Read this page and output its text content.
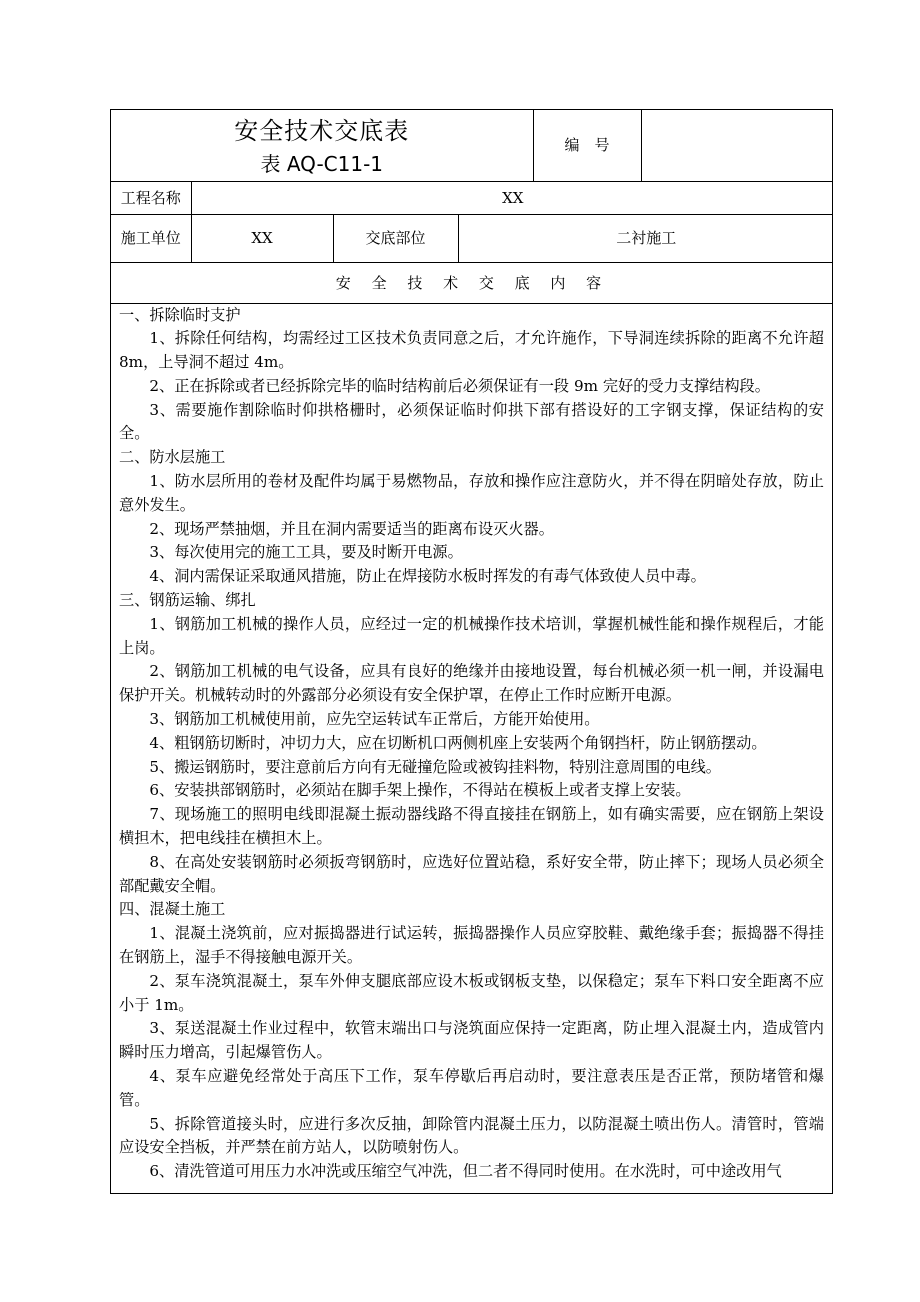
安全技术交底表
表 AQ-C11-1				编　号	
工程名称	XX				
施工单位	XX	交底部位	二衬施工		
安 全 技 术 交 底 内 容					

一、拆除临时支护

1、拆除任何结构，均需经过工区技术负责同意之后，才允许施作，下导洞连续拆除的距离不允许超 8m，上导洞不超过 4m。

2、正在拆除或者已经拆除完毕的临时结构前后必须保证有一段 9m 完好的受力支撑结构段。

3、需要施作割除临时仰拱格栅时，必须保证临时仰拱下部有搭设好的工字钢支撑，保证结构的安全。

二、防水层施工

1、防水层所用的卷材及配件均属于易燃物品，存放和操作应注意防火，并不得在阴暗处存放，防止意外发生。

2、现场严禁抽烟，并且在洞内需要适当的距离布设灭火器。

3、每次使用完的施工工具，要及时断开电源。

4、洞内需保证采取通风措施，防止在焊接防水板时挥发的有毒气体致使人员中毒。

三、钢筋运输、绑扎

1、钢筋加工机械的操作人员，应经过一定的机械操作技术培训，掌握机械性能和操作规程后，才能上岗。

2、钢筋加工机械的电气设备，应具有良好的绝缘并由接地设置，每台机械必须一机一闸，并设漏电保护开关。机械转动时的外露部分必须设有安全保护罩，在停止工作时应断开电源。

3、钢筋加工机械使用前，应先空运转试车正常后，方能开始使用。

4、粗钢筋切断时，冲切力大，应在切断机口两侧机座上安装两个角钢挡杆，防止钢筋摆动。

5、搬运钢筋时，要注意前后方向有无碰撞危险或被钩挂料物，特别注意周围的电线。

6、安装拱部钢筋时，必须站在脚手架上操作，不得站在模板上或者支撑上安装。

7、现场施工的照明电线即混凝土振动器线路不得直接挂在钢筋上，如有确实需要，应在钢筋上架设横担木，把电线挂在横担木上。

8、在高处安装钢筋时必须扳弯钢筋时，应选好位置站稳，系好安全带，防止摔下；现场人员必须全部配戴安全帽。

四、混凝土施工

1、混凝土浇筑前，应对振捣器进行试运转，振捣器操作人员应穿胶鞋、戴绝缘手套；振捣器不得挂在钢筋上，湿手不得接触电源开关。

2、泵车浇筑混凝土，泵车外伸支腿底部应设木板或钢板支垫，以保稳定；泵车下料口安全距离不应小于 1m。

3、泵送混凝土作业过程中，软管末端出口与浇筑面应保持一定距离，防止埋入混凝土内，造成管内瞬时压力增高，引起爆管伤人。

4、泵车应避免经常处于高压下工作，泵车停歇后再启动时，要注意表压是否正常，预防堵管和爆管。

5、拆除管道接头时，应进行多次反抽，卸除管内混凝土压力，以防混凝土喷出伤人。清管时，管端应设安全挡板，并严禁在前方站人，以防喷射伤人。

6、清洗管道可用压力水冲洗或压缩空气冲洗，但二者不得同时使用。在水洗时，可中途改用气
